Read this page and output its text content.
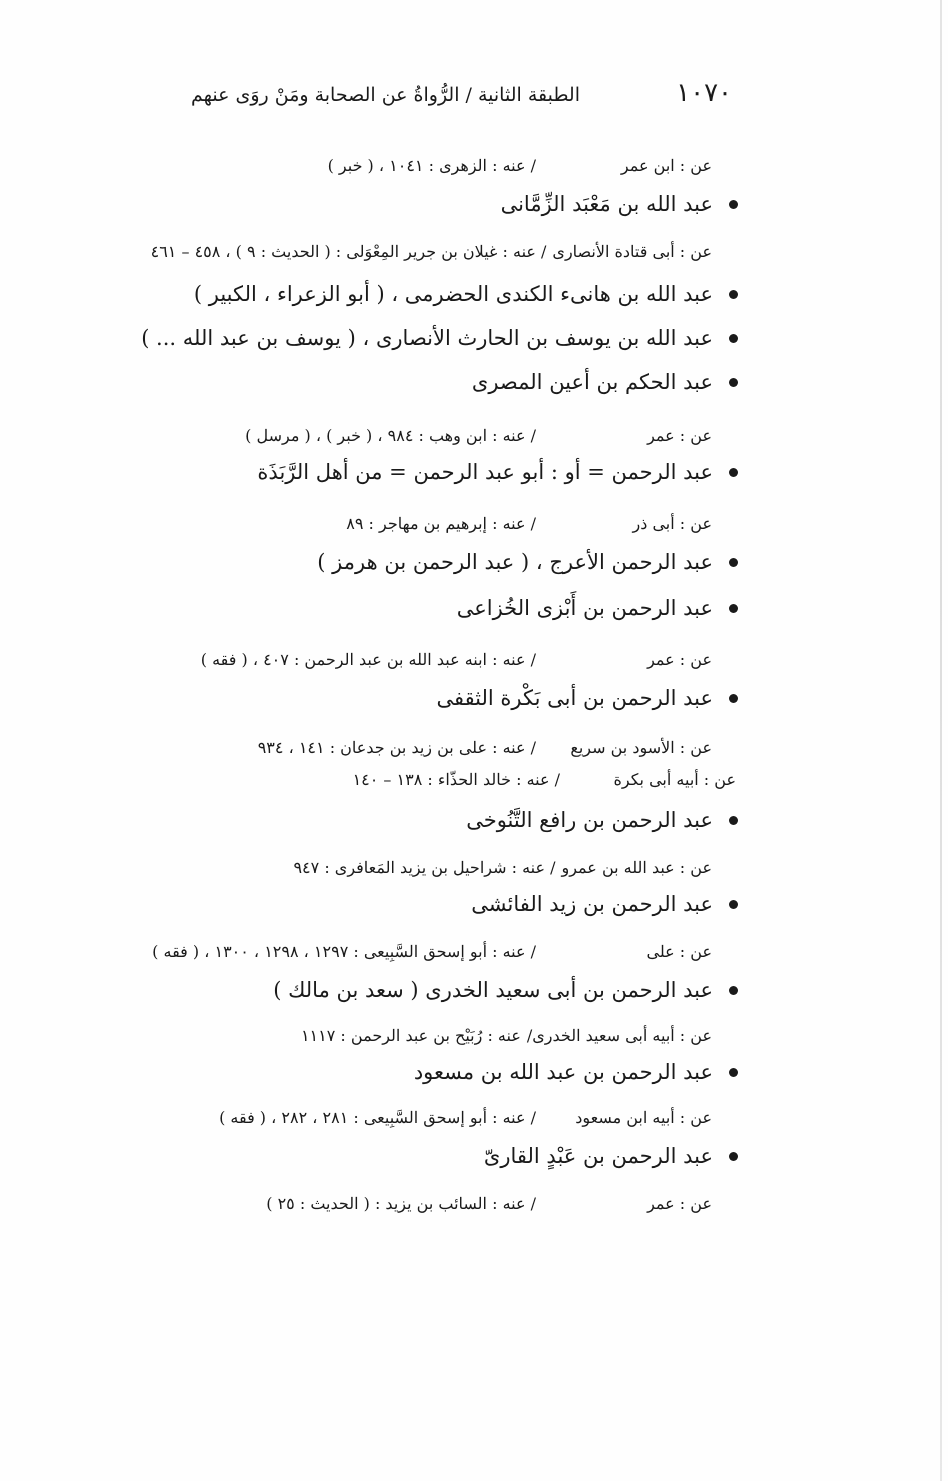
١٠٧٠
الطبقة الثانية / الرُّواةُ عن الصحابة ومَنْ روَى عنهم
عن : ابن عمر
/ عنه : الزهرى : ١٠٤١ ، ( خبر )
عبد الله بن مَعْبَد الزِّمَّانى
عن : أبى قتادة الأنصارى
/ عنه : غيلان بن جرير المِعْوَلى : ( الحديث : ٩ ) ، ٤٥٨ – ٤٦١
عبد الله بن هانىء الكندى الحضرمى ، ( أبو الزعراء ، الكبير )
عبد الله بن يوسف بن الحارث الأنصارى ، ( يوسف بن عبد الله ... )
عبد الحكم بن أعين المصرى
عن : عمر
/ عنه : ابن وهب : ٩٨٤ ، ( خبر ) ، ( مرسل )
عبد الرحمن = أو : أبو عبد الرحمن = من أهل الرَّبَذَة
عن : أبى ذر
/ عنه : إبرهيم بن مهاجر : ٨٩
عبد الرحمن الأعرج ، ( عبد الرحمن بن هرمز )
عبد الرحمن بن أَبْزى الخُزاعى
عن : عمر
/ عنه : ابنه عبد الله بن عبد الرحمن : ٤٠٧ ، ( فقه )
عبد الرحمن بن أبى بَكْرة الثقفى
عن : الأسود بن سريع
/ عنه : على بن زيد بن جدعان : ١٤١ ، ٩٣٤
عن : أبيه أبى بكرة
/ عنه : خالد الحذّاء : ١٣٨ – ١٤٠
عبد الرحمن بن رافع التَّنُوخى
عن : عبد الله بن عمرو
/ عنه : شراحيل بن يزيد المَعافرى : ٩٤٧
عبد الرحمن بن زيد الفائشى
عن : على
/ عنه : أبو إسحق السَّبِيعى : ١٢٩٧ ، ١٢٩٨ ، ١٣٠٠ ، ( فقه )
عبد الرحمن بن أبى سعيد الخدرى ( سعد بن مالك )
عن : أبيه أبى سعيد الخدرى/
عنه : رُبَيْح بن عبد الرحمن : ١١١٧
عبد الرحمن بن عبد الله بن مسعود
عن : أبيه ابن مسعود
/ عنه : أبو إسحق السَّبِيعى : ٢٨١ ، ٢٨٢ ، ( فقه )
عبد الرحمن بن عَبْدٍ القارىّ
عن : عمر
/ عنه : السائب بن يزيد : ( الحديث : ٢٥ )
